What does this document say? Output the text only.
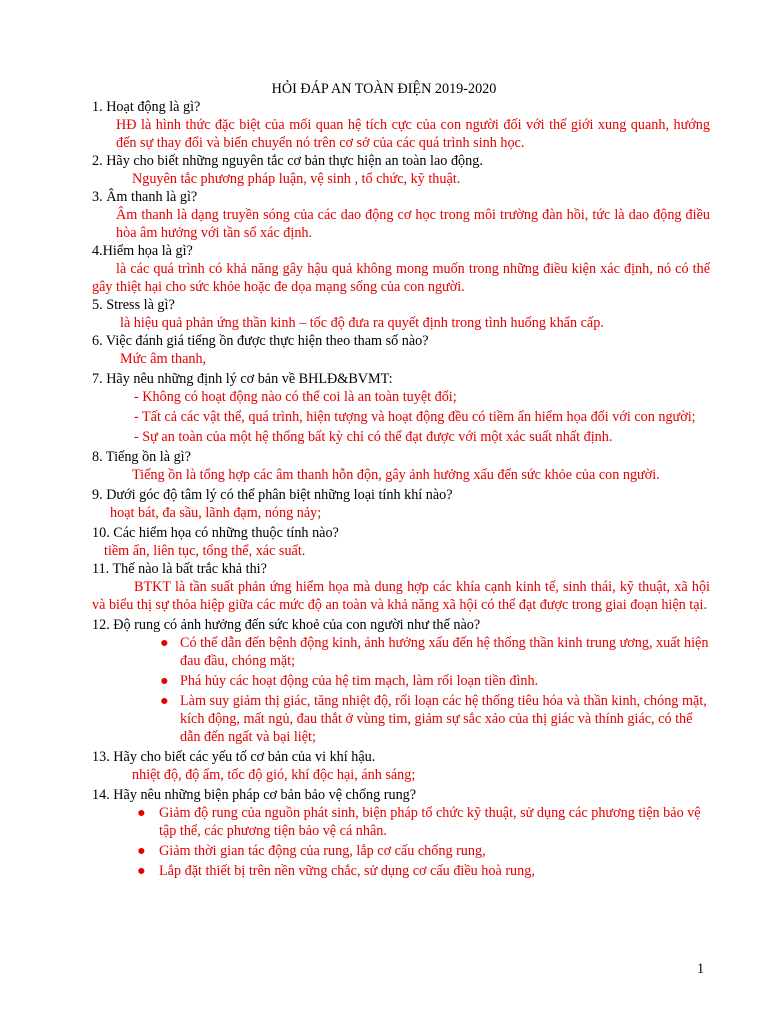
HỎI ĐÁP AN TOÀN ĐIỆN 2019-2020

1. Hoạt động là gì?

HĐ là hình thức đặc biệt của mối quan hệ tích cực của con người đối với thế giới xung quanh, hướng đến sự thay đổi và biến chuyển nó trên cơ sở của các quá trình sinh học.

2. Hãy cho biết những nguyên tắc cơ bản thực hiện an toàn lao động.

Nguyên tắc phương pháp luận, vệ sinh , tổ chức, kỹ thuật.

3. Âm thanh là gì?

Âm thanh là dạng truyền sóng của các dao động cơ học trong môi trường đàn hồi, tức là dao động điều hòa âm hưởng với tần số xác định.

4.Hiểm họa là gì?

là các quá trình có khả năng gây hậu quả không mong muốn trong những điều kiện xác định, nó có thể gây thiệt hại cho sức khỏe hoặc đe dọa mạng sống của con người.

5. Stress là gì?

là hiệu quả phản ứng thần kinh – tốc độ đưa ra quyết định trong tình huống khẩn cấp.

6. Việc đánh giá tiếng ồn được thực hiện theo tham số nào?

Mức âm thanh,

7. Hãy nêu những định lý cơ bản về BHLĐ&BVMT:

- Không có hoạt động nào có thể coi là an toàn tuyệt đối;

- Tất cả các vật thể, quá trình, hiện tượng và hoạt động đều có tiềm ẩn hiểm họa đối với con người;

- Sự an toàn của một hệ thống bất kỳ chỉ có thể đạt được với một xác suất nhất định.

8. Tiếng ồn là gì?

Tiếng ồn là tổng hợp các âm thanh hỗn độn, gây ảnh hưởng xấu đến sức khỏe của con người.

9. Dưới góc độ tâm lý có thể phân biệt những loại tính khí nào?

hoạt bát, đa sầu, lãnh đạm, nóng nảy;

10. Các hiểm họa có những thuộc tính nào?

tiềm ẩn, liên tục, tổng thể, xác suất.

11. Thế nào là bất trắc khả thi?

BTKT là tần suất phản ứng hiểm họa mà dung hợp các khía cạnh kinh tế, sinh thái, kỹ thuật, xã hội và biểu thị sự thỏa hiệp giữa các mức độ an toàn và khả năng xã hội có thể đạt được trong giai đoạn hiện tại.

12. Độ rung có ảnh hưởng đến sức khoẻ của con người như thế nào?

● Có thể dẫn đến bệnh động kinh, ảnh hưởng xấu đến hệ thống thần kinh trung ương, xuất hiện đau đầu, chóng mặt;
● Phá hủy các hoạt động của hệ tim mạch, làm rối loạn tiền đình.
● Làm suy giảm thị giác, tăng nhiệt độ, rối loạn các hệ thống tiêu hóa và thần kinh, chóng mặt, kích động, mất ngủ, đau thắt ở vùng tim, giảm sự sắc xảo của thị giác và thính giác, có thể dẫn đến ngất và bại liệt;

13. Hãy cho biết các yếu tố cơ bản của vi khí hậu.

nhiệt độ, độ ẩm, tốc độ gió, khí độc hại, ánh sáng;

14. Hãy nêu những biện pháp cơ bản bảo vệ chống rung?

● Giảm độ rung của nguồn phát sinh, biện pháp tổ chức kỹ thuật, sử dụng các phương tiện bảo vệ tập thể, các phương tiện bảo vệ cá nhân.
● Giảm thời gian tác động của rung, lắp cơ cấu chống rung,
● Lắp đặt thiết bị trên nền vững chắc, sử dụng cơ cấu điều hoà rung,
1
